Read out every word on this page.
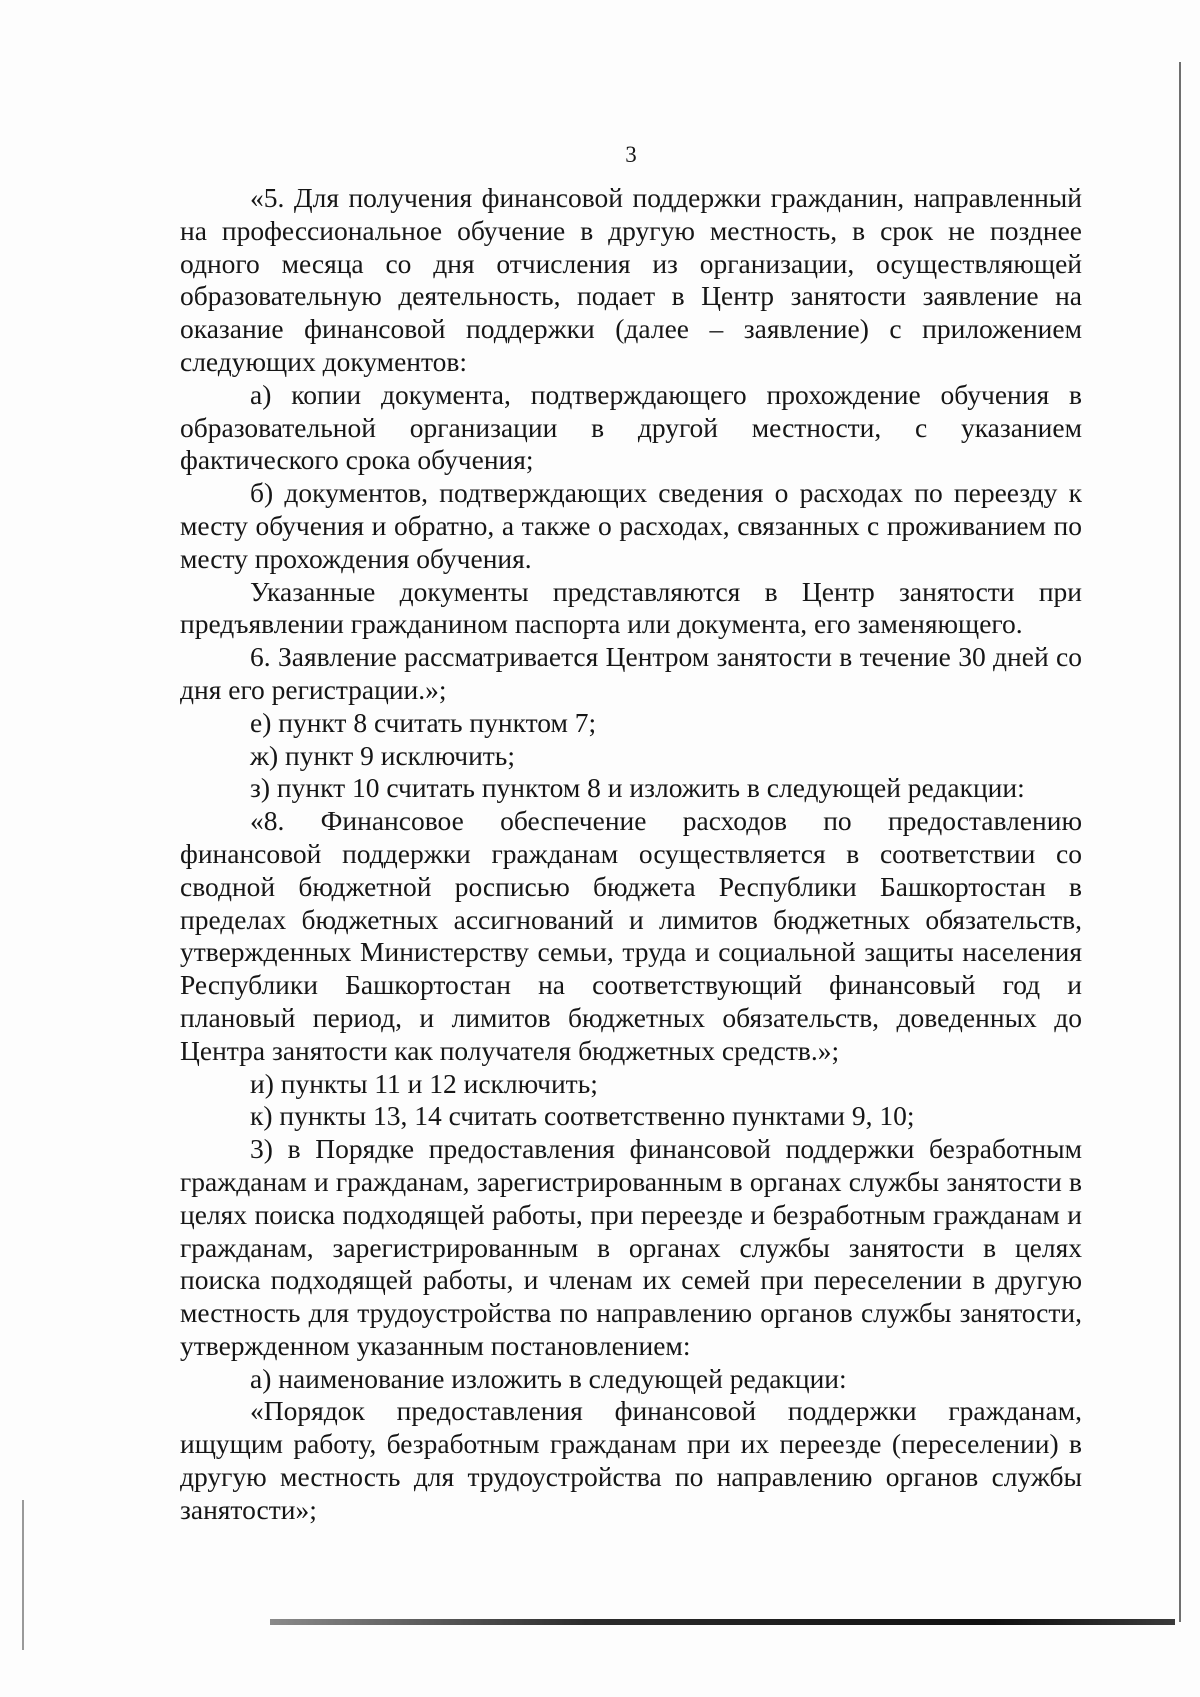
3

«5. Для получения финансовой поддержки гражданин, направленный на профессиональное обучение в другую местность, в срок не позднее одного месяца со дня отчисления из организации, осуществляющей образовательную деятельность, подает в Центр занятости заявление на оказание финансовой поддержки (далее – заявление) с приложением следующих документов:

а) копии документа, подтверждающего прохождение обучения в образовательной организации в другой местности, с указанием фактического срока обучения;

б) документов, подтверждающих сведения о расходах по переезду к месту обучения и обратно, а также о расходах, связанных с проживанием по месту прохождения обучения.

Указанные документы представляются в Центр занятости при предъявлении гражданином паспорта или документа, его заменяющего.

6. Заявление рассматривается Центром занятости в течение 30 дней со дня его регистрации.»;

е) пункт 8 считать пунктом 7;

ж) пункт 9 исключить;

з) пункт 10 считать пунктом 8 и изложить в следующей редакции:

«8. Финансовое обеспечение расходов по предоставлению финансовой поддержки гражданам осуществляется в соответствии со сводной бюджетной росписью бюджета Республики Башкортостан в пределах бюджетных ассигнований и лимитов бюджетных обязательств, утвержденных Министерству семьи, труда и социальной защиты населения Республики Башкортостан на соответствующий финансовый год и плановый период, и лимитов бюджетных обязательств, доведенных до Центра занятости как получателя бюджетных средств.»;

и) пункты 11 и 12 исключить;

к) пункты 13, 14 считать соответственно пунктами 9, 10;

3) в Порядке предоставления финансовой поддержки безработным гражданам и гражданам, зарегистрированным в органах службы занятости в целях поиска подходящей работы, при переезде и безработным гражданам и гражданам, зарегистрированным в органах службы занятости в целях поиска подходящей работы, и членам их семей при переселении в другую местность для трудоустройства по направлению органов службы занятости, утвержденном указанным постановлением:

а) наименование изложить в следующей редакции:

«Порядок предоставления финансовой поддержки гражданам, ищущим работу, безработным гражданам при их переезде (переселении) в другую местность для трудоустройства по направлению органов службы занятости»;
